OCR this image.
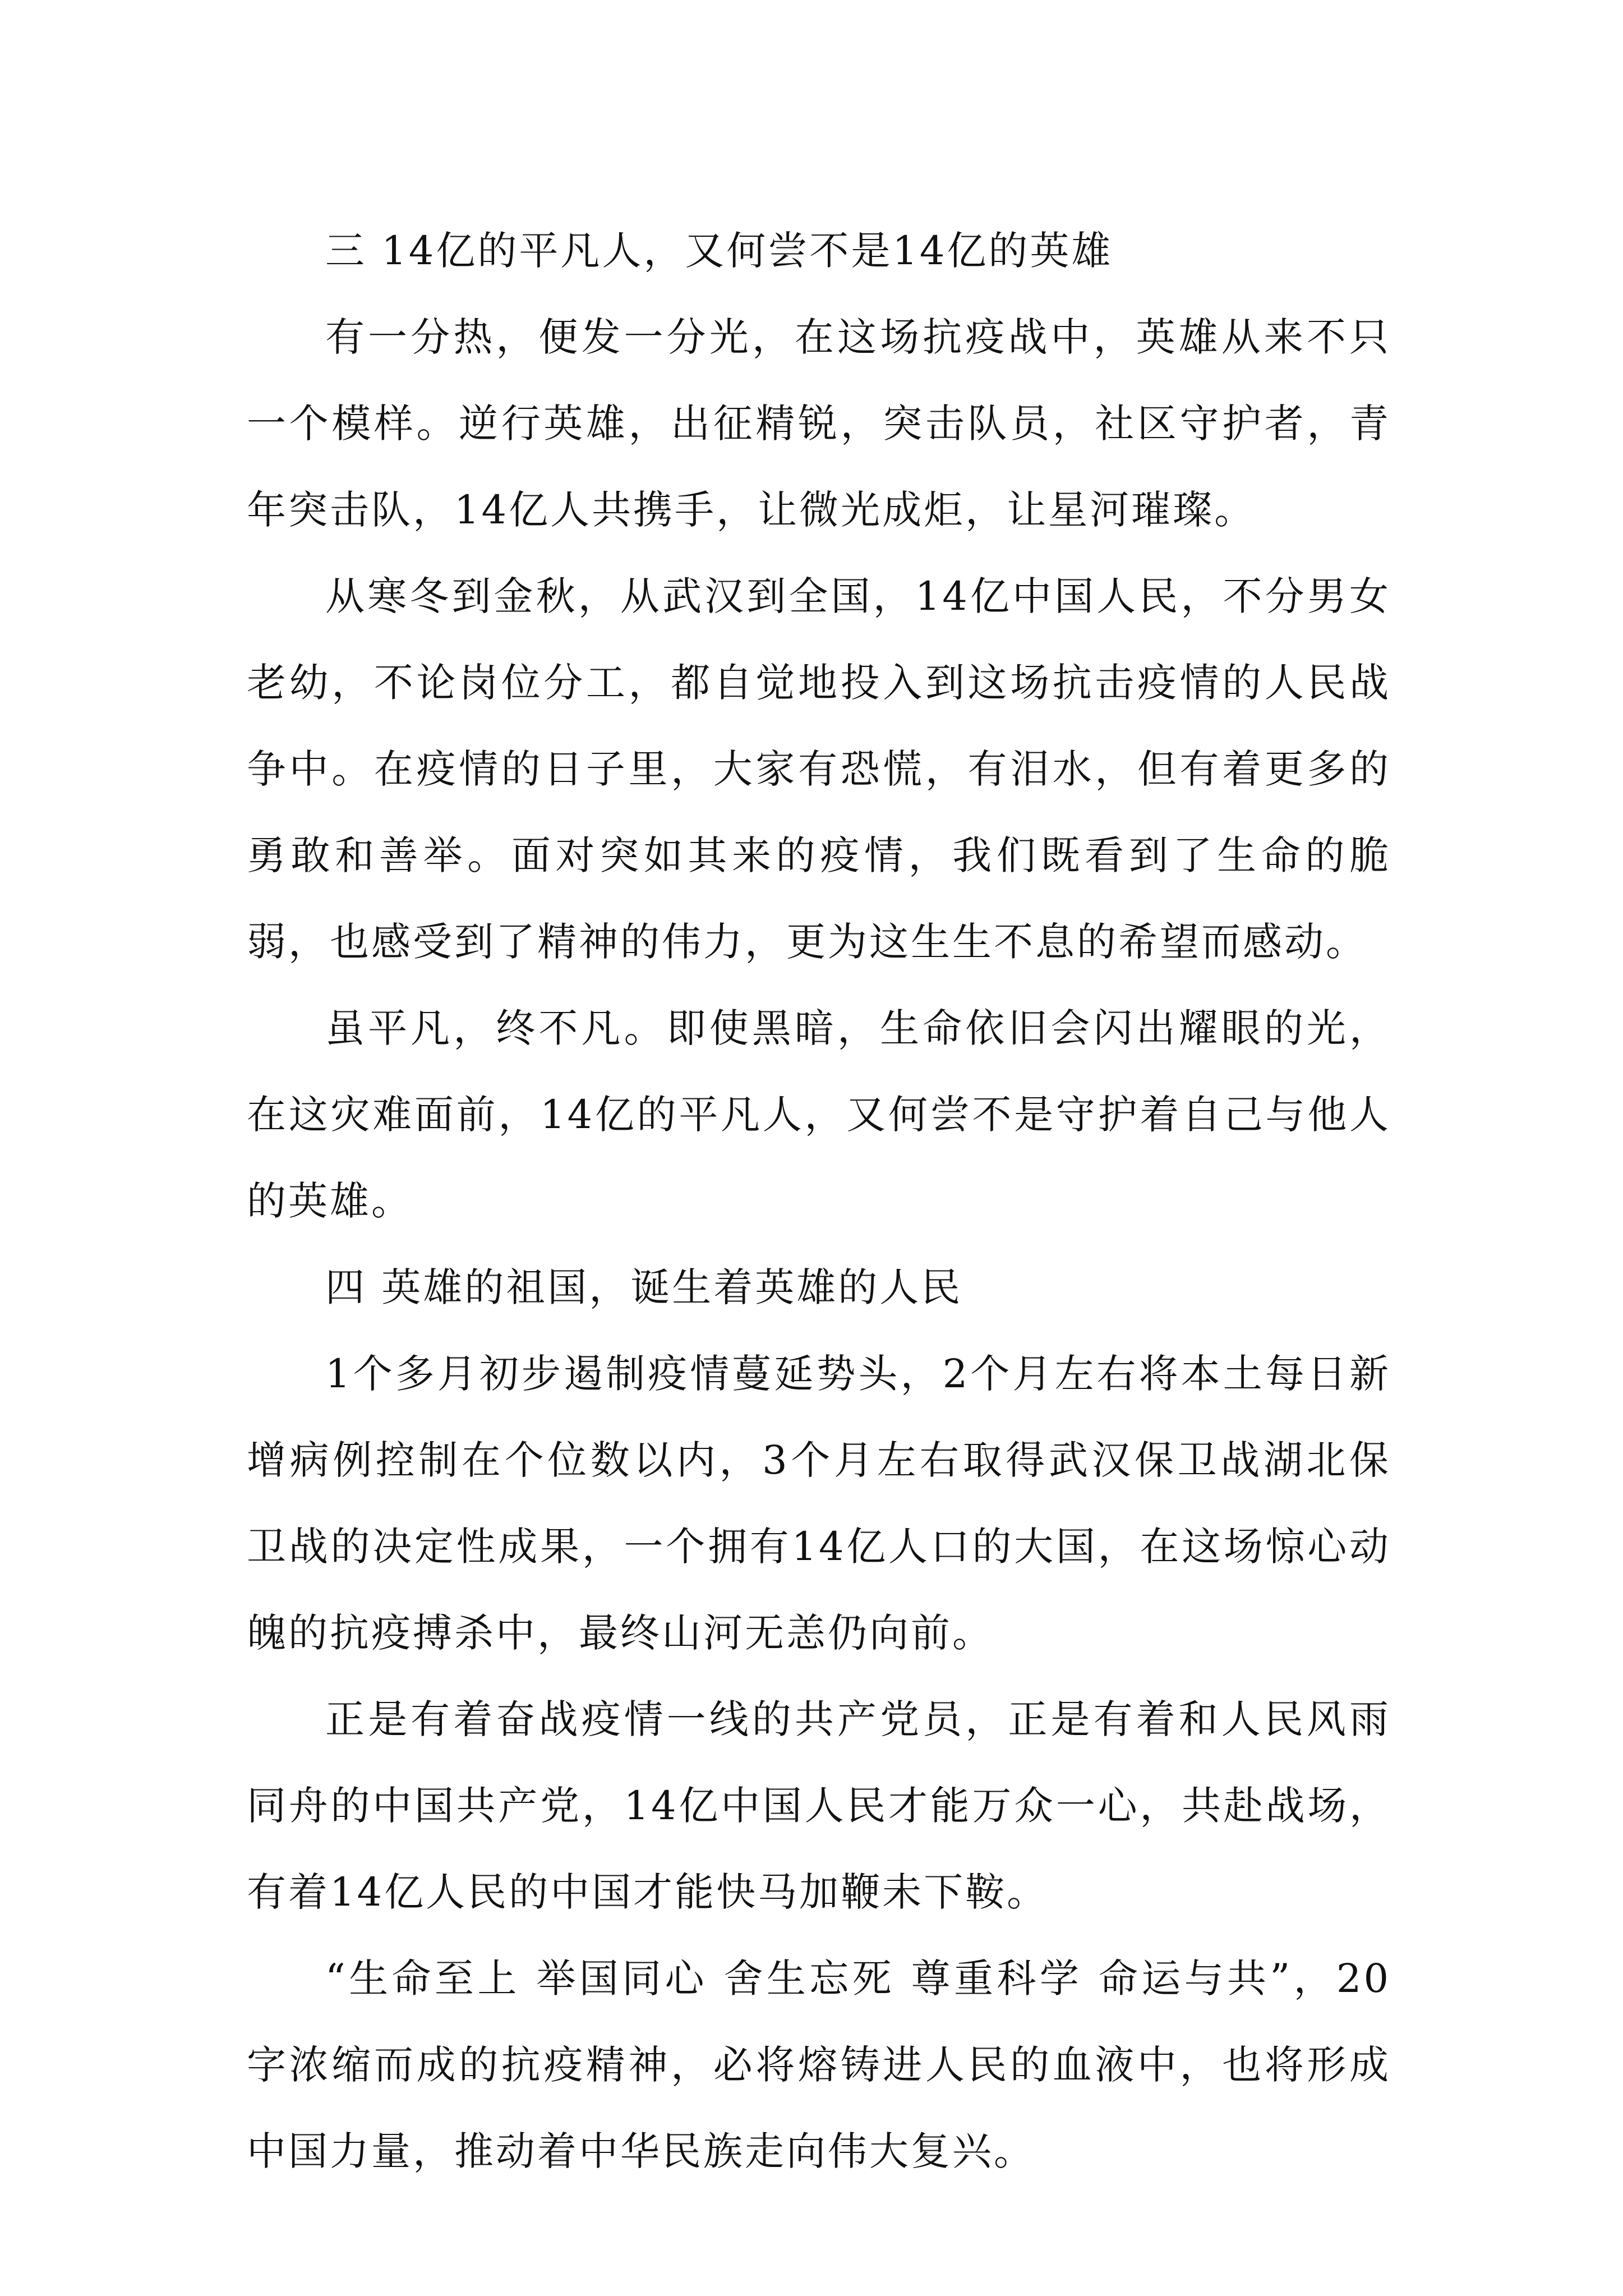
三 14亿的平凡人，又何尝不是14亿的英雄

有一分热，便发一分光，在这场抗疫战中，英雄从来不只一个模样。逆行英雄，出征精锐，突击队员，社区守护者，青年突击队，14亿人共携手，让微光成炬，让星河璀璨。

从寒冬到金秋，从武汉到全国，14亿中国人民，不分男女老幼，不论岗位分工，都自觉地投入到这场抗击疫情的人民战争中。在疫情的日子里，大家有恐慌，有泪水，但有着更多的勇敢和善举。面对突如其来的疫情，我们既看到了生命的脆弱，也感受到了精神的伟力，更为这生生不息的希望而感动。

虽平凡，终不凡。即使黑暗，生命依旧会闪出耀眼的光，在这灾难面前，14亿的平凡人，又何尝不是守护着自己与他人的英雄。

四 英雄的祖国，诞生着英雄的人民

1个多月初步遏制疫情蔓延势头，2个月左右将本土每日新增病例控制在个位数以内，3个月左右取得武汉保卫战湖北保卫战的决定性成果，一个拥有14亿人口的大国，在这场惊心动魄的抗疫搏杀中，最终山河无恙仍向前。

正是有着奋战疫情一线的共产党员，正是有着和人民风雨同舟的中国共产党，14亿中国人民才能万众一心，共赴战场，有着14亿人民的中国才能快马加鞭未下鞍。

“生命至上 举国同心 舍生忘死 尊重科学 命运与共”，20字浓缩而成的抗疫精神，必将熔铸进人民的血液中，也将形成中国力量，推动着中华民族走向伟大复兴。
